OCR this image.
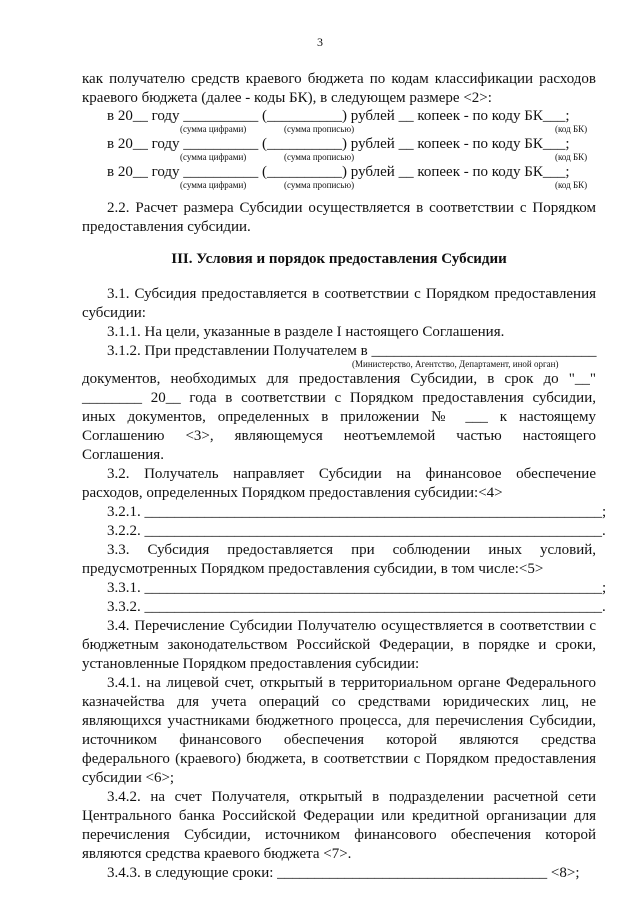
3
как получателю средств краевого бюджета по кодам классификации расходов
краевого бюджета (далее - коды БК), в следующем размере <2>:
в 20__ году __________ (__________) рублей __ копеек - по коду БК___;
(сумма цифрами)	(сумма прописью)	(код БК)
в 20__ году __________ (__________) рублей __ копеек - по коду БК___;
(сумма цифрами)	(сумма прописью)	(код БК)
в 20__ году __________ (__________) рублей __ копеек - по коду БК___;
(сумма цифрами)	(сумма прописью)	(код БК)
2.2. Расчет размера Субсидии осуществляется в соответствии с Порядком
предоставления субсидии.
III. Условия и порядок предоставления Субсидии
3.1. Субсидия предоставляется в соответствии с Порядком предоставления
субсидии:
3.1.1. На цели, указанные в разделе I настоящего Соглашения.
3.1.2. При представлении Получателем в ______________________________
(Министерство, Агентство, Департамент, иной орган)
документов, необходимых для предоставления Субсидии, в срок до "__"
________ 20__ года в соответствии с Порядком предоставления субсидии,
иных документов, определенных в приложении № ___ к настоящему
Соглашению <3>, являющемуся неотъемлемой частью настоящего
Соглашения.
3.2. Получатель направляет Субсидии на финансовое обеспечение
расходов, определенных Порядком предоставления субсидии:<4>
3.2.1. _____________________________________________________________;
3.2.2. _____________________________________________________________.
3.3. Субсидия предоставляется при соблюдении иных условий,
предусмотренных Порядком предоставления субсидии, в том числе:<5>
3.3.1. _____________________________________________________________;
3.3.2. _____________________________________________________________.
3.4. Перечисление Субсидии Получателю осуществляется в соответствии с
бюджетным законодательством Российской Федерации, в порядке и сроки,
установленные Порядком предоставления субсидии:
3.4.1. на лицевой счет, открытый в территориальном органе Федерального
казначейства для учета операций со средствами юридических лиц, не
являющихся участниками бюджетного процесса, для перечисления Субсидии,
источником финансового обеспечения которой являются средства
федерального (краевого) бюджета, в соответствии с Порядком предоставления
субсидии <6>;
3.4.2. на счет Получателя, открытый в подразделении расчетной сети
Центрального банка Российской Федерации или кредитной организации для
перечисления Субсидии, источником финансового обеспечения которой
являются средства краевого бюджета <7>.
3.4.3. в следующие сроки: ____________________________________ <8>;
